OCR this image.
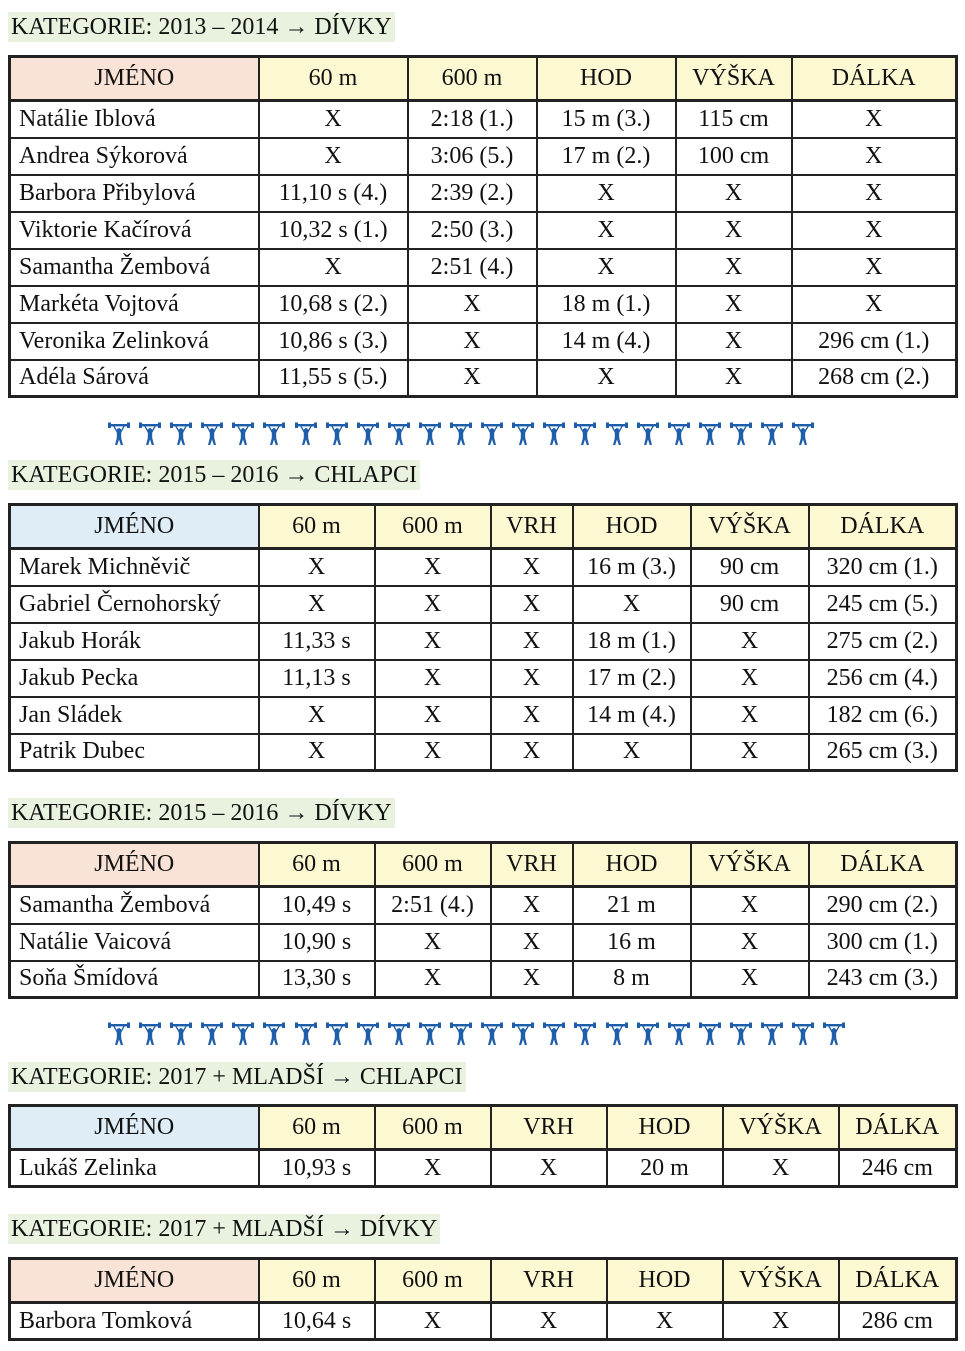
KATEGORIE: 2013 – 2014 → DÍVKY
JMÉNO	60 m	600 m	HOD	VÝŠKA	DÁLKA
Natálie Iblová	X	2:18 (1.)	15 m (3.)	115 cm	X
Andrea Sýkorová	X	3:06 (5.)	17 m (2.)	100 cm	X
Barbora Přibylová	11,10 s (4.)	2:39 (2.)	X	X	X
Viktorie Kačírová	10,32 s (1.)	2:50 (3.)	X	X	X
Samantha Žembová	X	2:51 (4.)	X	X	X
Markéta Vojtová	10,68 s (2.)	X	18 m (1.)	X	X
Veronika Zelinková	10,86 s (3.)	X	14 m (4.)	X	296 cm (1.)
Adéla Sárová	11,55 s (5.)	X	X	X	268 cm (2.)
KATEGORIE: 2015 – 2016 → CHLAPCI
JMÉNO	60 m	600 m	VRH	HOD	VÝŠKA	DÁLKA
Marek Michněvič	X	X	X	16 m (3.)	90 cm	320 cm (1.)
Gabriel Černohorský	X	X	X	X	90 cm	245 cm (5.)
Jakub Horák	11,33 s	X	X	18 m (1.)	X	275 cm (2.)
Jakub Pecka	11,13 s	X	X	17 m (2.)	X	256 cm (4.)
Jan Sládek	X	X	X	14 m (4.)	X	182 cm (6.)
Patrik Dubec	X	X	X	X	X	265 cm (3.)
KATEGORIE: 2015 – 2016 → DÍVKY
JMÉNO	60 m	600 m	VRH	HOD	VÝŠKA	DÁLKA
Samantha Žembová	10,49 s	2:51 (4.)	X	21 m	X	290 cm (2.)
Natálie Vaicová	10,90 s	X	X	16 m	X	300 cm (1.)
Soňa Šmídová	13,30 s	X	X	8 m	X	243 cm (3.)
KATEGORIE: 2017 + MLADŠÍ → CHLAPCI
JMÉNO	60 m	600 m	VRH	HOD	VÝŠKA	DÁLKA
Lukáš Zelinka	10,93 s	X	X	20 m	X	246 cm
KATEGORIE: 2017 + MLADŠÍ → DÍVKY
JMÉNO	60 m	600 m	VRH	HOD	VÝŠKA	DÁLKA
Barbora Tomková	10,64 s	X	X	X	X	286 cm
